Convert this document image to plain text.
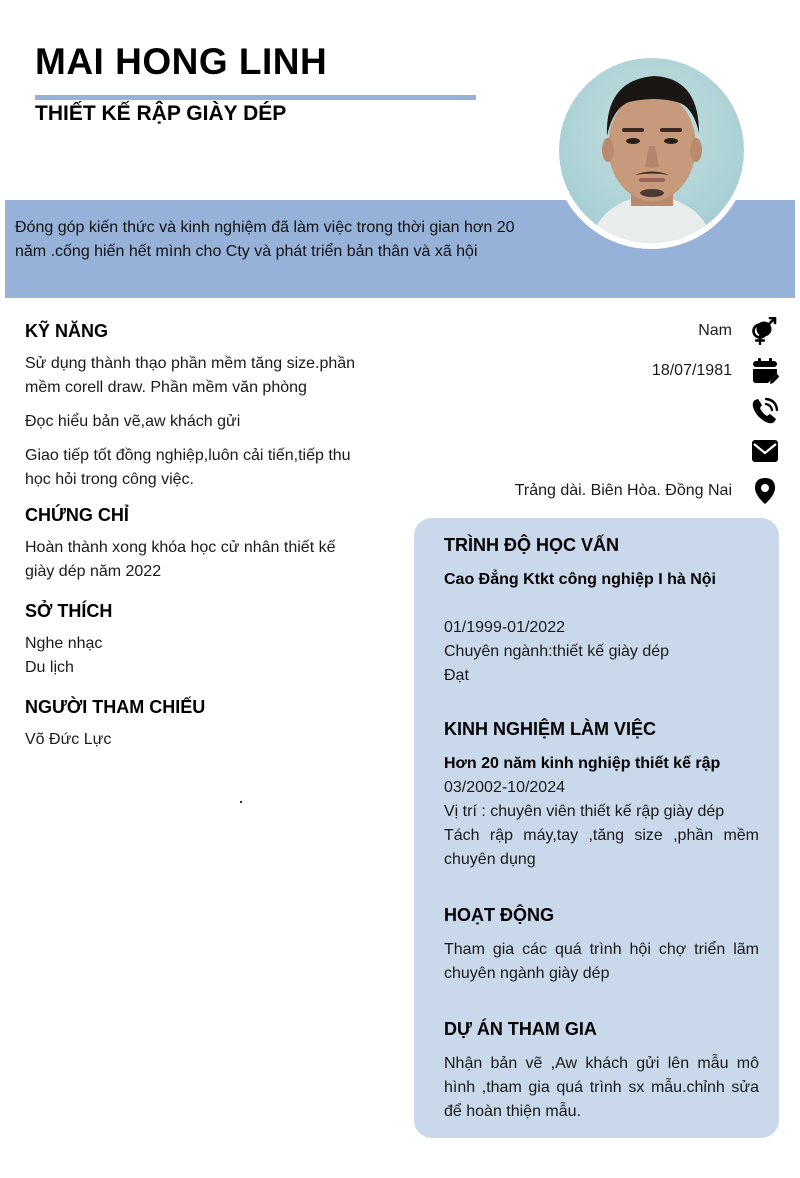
MAI HONG LINH
THIẾT KẾ RẬP GIÀY DÉP
Đóng góp kiến thức và kinh nghiệm đã làm việc trong thời gian hơn 20 năm .cống hiến hết mình cho Cty và phát triển bản thân và xã hội
Nam
18/07/1981
Trảng dài. Biên Hòa. Đồng Nai
KỸ NĂNG
Sử dụng thành thạo phần mềm tăng size.phần mềm corell draw. Phần mềm văn phòng
Đọc hiểu bản vẽ,aw khách gửi
Giao tiếp tốt đồng nghiệp,luôn cải tiến,tiếp thu học hỏi trong công việc.
CHỨNG CHỈ
Hoàn thành xong khóa học cử nhân thiết kế giày dép năm 2022
SỞ THÍCH
Nghe nhạc
Du lịch
NGƯỜI THAM CHIẾU
Võ Đức Lực
TRÌNH ĐỘ HỌC VẤN
Cao Đẳng Ktkt công nghiệp I hà Nội
01/1999-01/2022
Chuyên ngành:thiết kế giày dép
Đạt
KINH NGHIỆM LÀM VIỆC
Hơn 20 năm kinh nghiệp thiết kế rập
03/2002-10/2024
Vị trí : chuyên viên thiết kế rập giày dép
Tách rập máy,tay ,tăng size ,phần mềm chuyên dụng
HOẠT ĐỘNG
Tham gia các quá trình hội chợ triển lãm chuyên ngành giày dép
DỰ ÁN THAM GIA
Nhận bản vẽ ,Aw khách gửi lên mẫu mô hình ,tham gia quá trình sx mẫu.chỉnh sửa để hoàn thiện mẫu.
